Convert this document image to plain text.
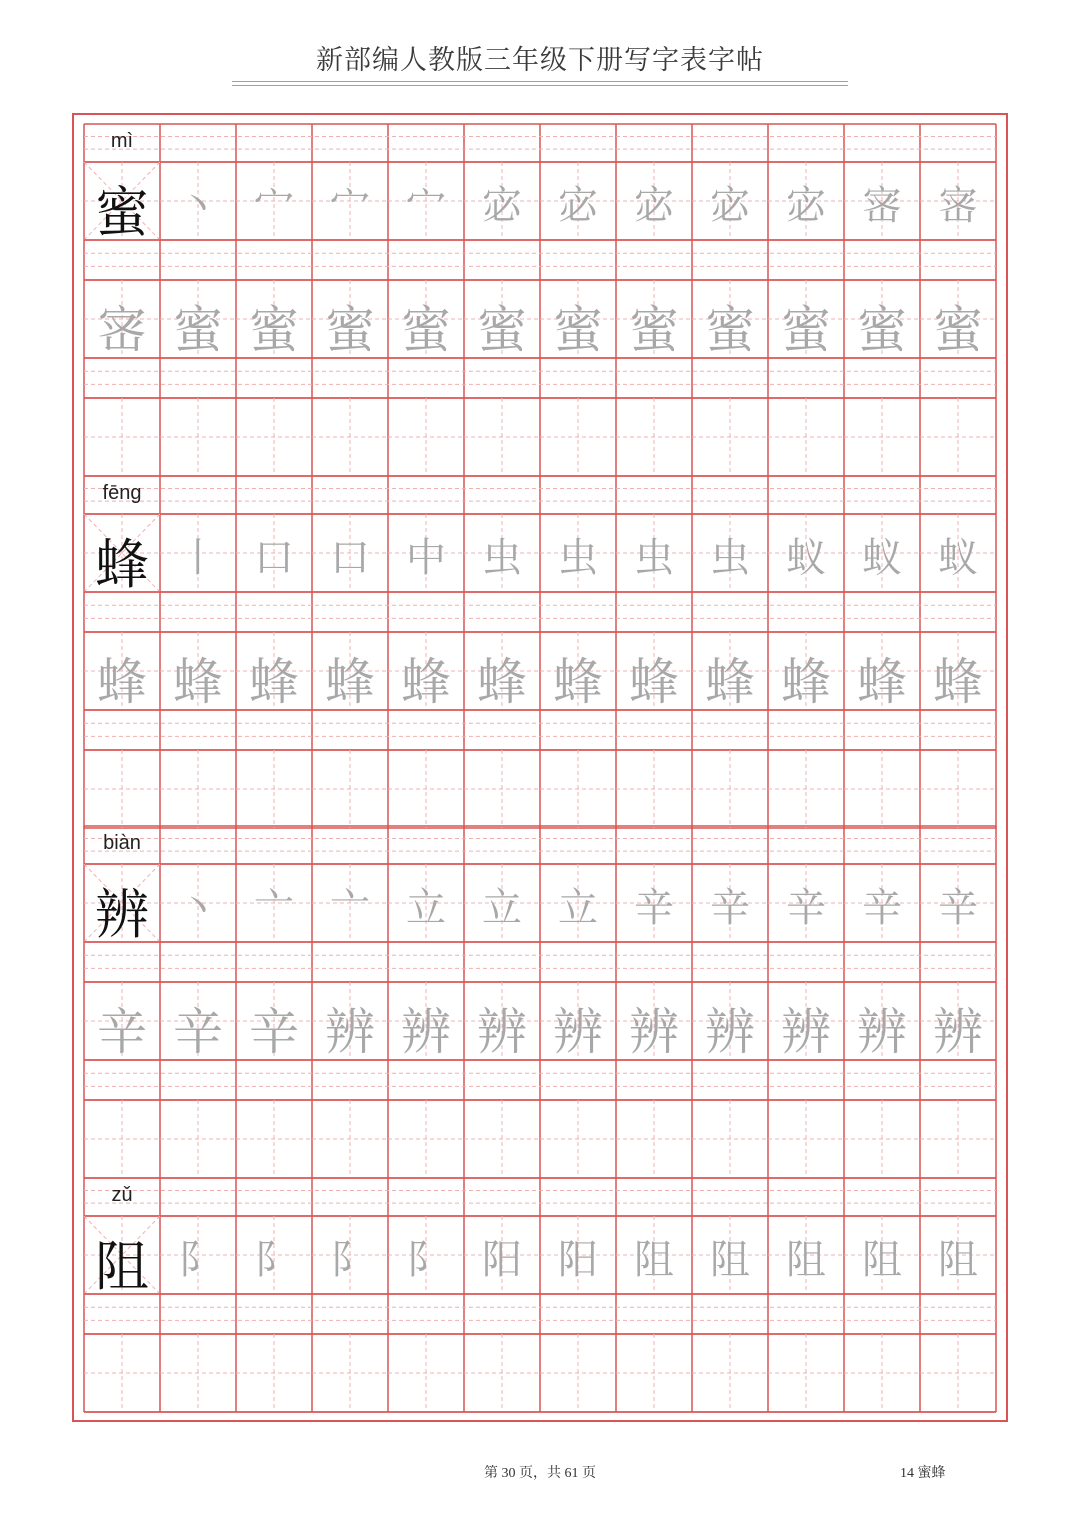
新部编人教版三年级下册写字表字帖
mì
蜜 丶 宀 宀 宀 宓 宓 宓 宓 宓 宻 宻
宻 蜜 蜜 蜜 蜜 蜜 蜜 蜜 蜜 蜜 蜜 蜜
fēng
蜂 丨 口 口 中 虫 虫 虫 虫 蚁 蚁 蚁
蜂 蜂 蜂 蜂 蜂 蜂 蜂 蜂 蜂 蜂 蜂 蜂
biàn
辨 丶 亠 亠 立 立 立 辛 辛 辛 辛 辛
辛 辛 辛 辨 辨 辨 辨 辨 辨 辨 辨 辨
zǔ
阻 阝 阝 阝 阝 阳 阳 阻 阻 阻 阻 阻
第 30 页，共 61 页	14 蜜蜂
